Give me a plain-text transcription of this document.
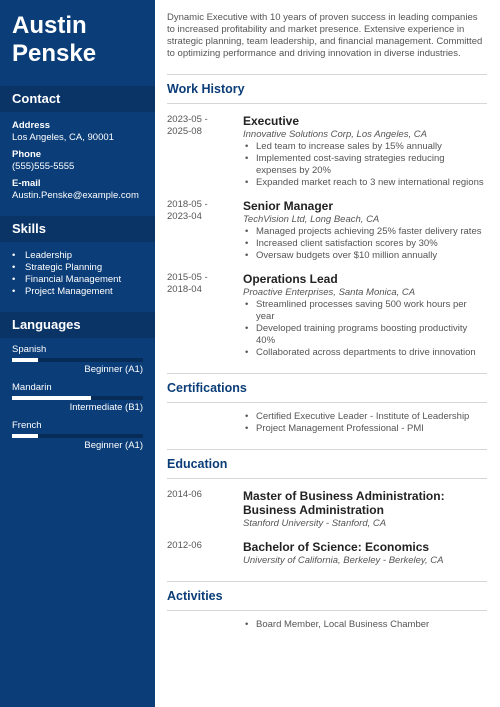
Austin
Penske
Contact
Address
Los Angeles, CA, 90001
Phone
(555)555-5555
E-mail
Austin.Penske@example.com
Skills
• Leadership
• Strategic Planning
• Financial Management
• Project Management
Languages
Spanish
Beginner (A1)
Mandarin
Intermediate (B1)
French
Beginner (A1)
Dynamic Executive with 10 years of proven success in leading companies to increased profitability and market presence. Extensive experience in strategic planning, team leadership, and financial management. Committed to optimizing performance and driving innovation in diverse industries.
Work History
2023-05 -
2025-08
Executive
Innovative Solutions Corp, Los Angeles, CA
• Led team to increase sales by 15% annually
• Implemented cost-saving strategies reducing expenses by 20%
• Expanded market reach to 3 new international regions
2018-05 -
2023-04
Senior Manager
TechVision Ltd, Long Beach, CA
• Managed projects achieving 25% faster delivery rates
• Increased client satisfaction scores by 30%
• Oversaw budgets over $10 million annually
2015-05 -
2018-04
Operations Lead
Proactive Enterprises, Santa Monica, CA
• Streamlined processes saving 500 work hours per year
• Developed training programs boosting productivity 40%
• Collaborated across departments to drive innovation
Certifications
• Certified Executive Leader - Institute of Leadership
• Project Management Professional - PMI
Education
2014-06	Master of Business Administration: Business Administration
Stanford University - Stanford, CA
2012-06	Bachelor of Science: Economics
University of California, Berkeley - Berkeley, CA
Activities
• Board Member, Local Business Chamber
